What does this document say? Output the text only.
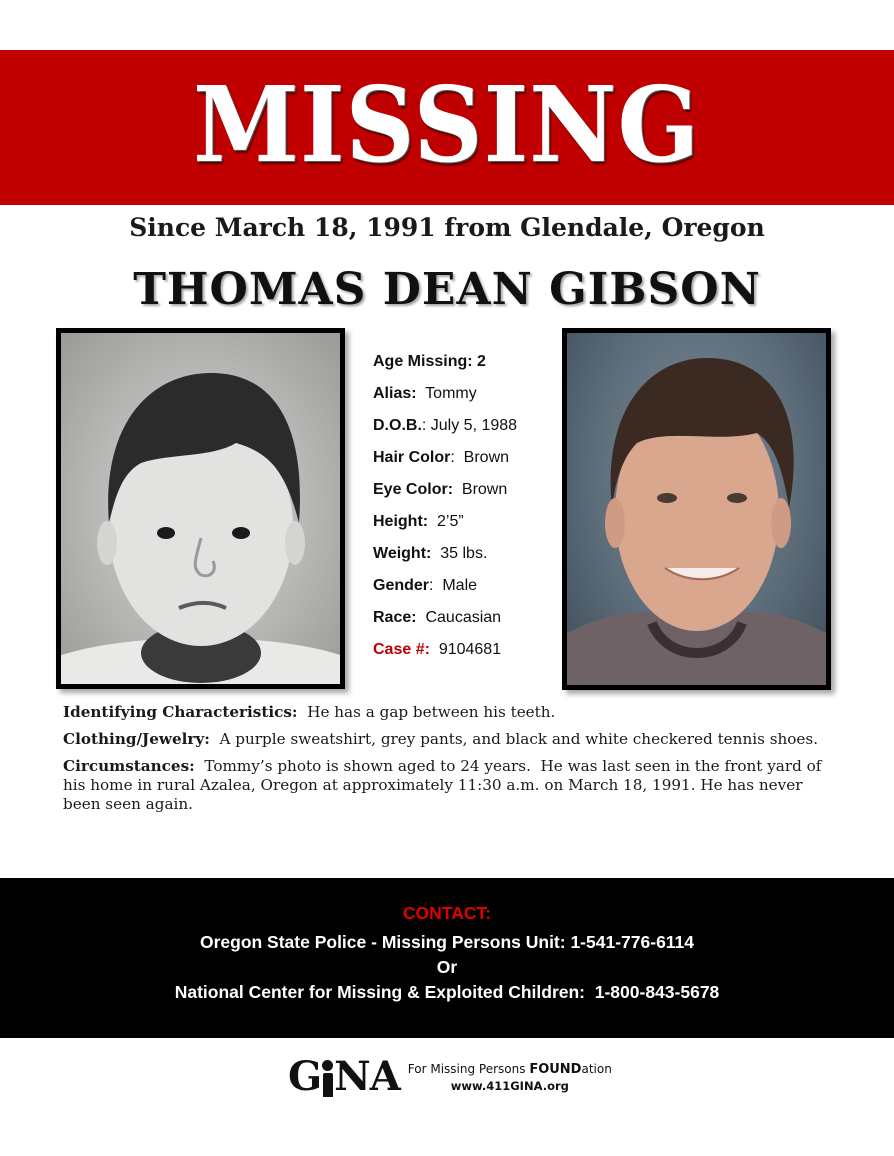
MISSING
Since March 18, 1991 from Glendale, Oregon
THOMAS DEAN GIBSON
Age Missing: 2
Alias:  Tommy
D.O.B.: July 5, 1988
Hair Color:  Brown
Eye Color:  Brown
Height:  2’5”
Weight:  35 lbs.
Gender:  Male
Race:  Caucasian
Case #:  9104681

Identifying Characteristics:  He has a gap between his teeth.

Clothing/Jewelry:  A purple sweatshirt, grey pants, and black and white checkered tennis shoes.

Circumstances:  Tommy’s photo is shown aged to 24 years.  He was last seen in the front yard of his home in rural Azalea, Oregon at approximately 11:30 a.m. on March 18, 1991. He has never been seen again.

CONTACT:
Oregon State Police - Missing Persons Unit: 1-541-776-6114
Or
National Center for Missing & Exploited Children:  1-800-843-5678
G NA For Missing Persons FOUNDation
www.411GINA.org
